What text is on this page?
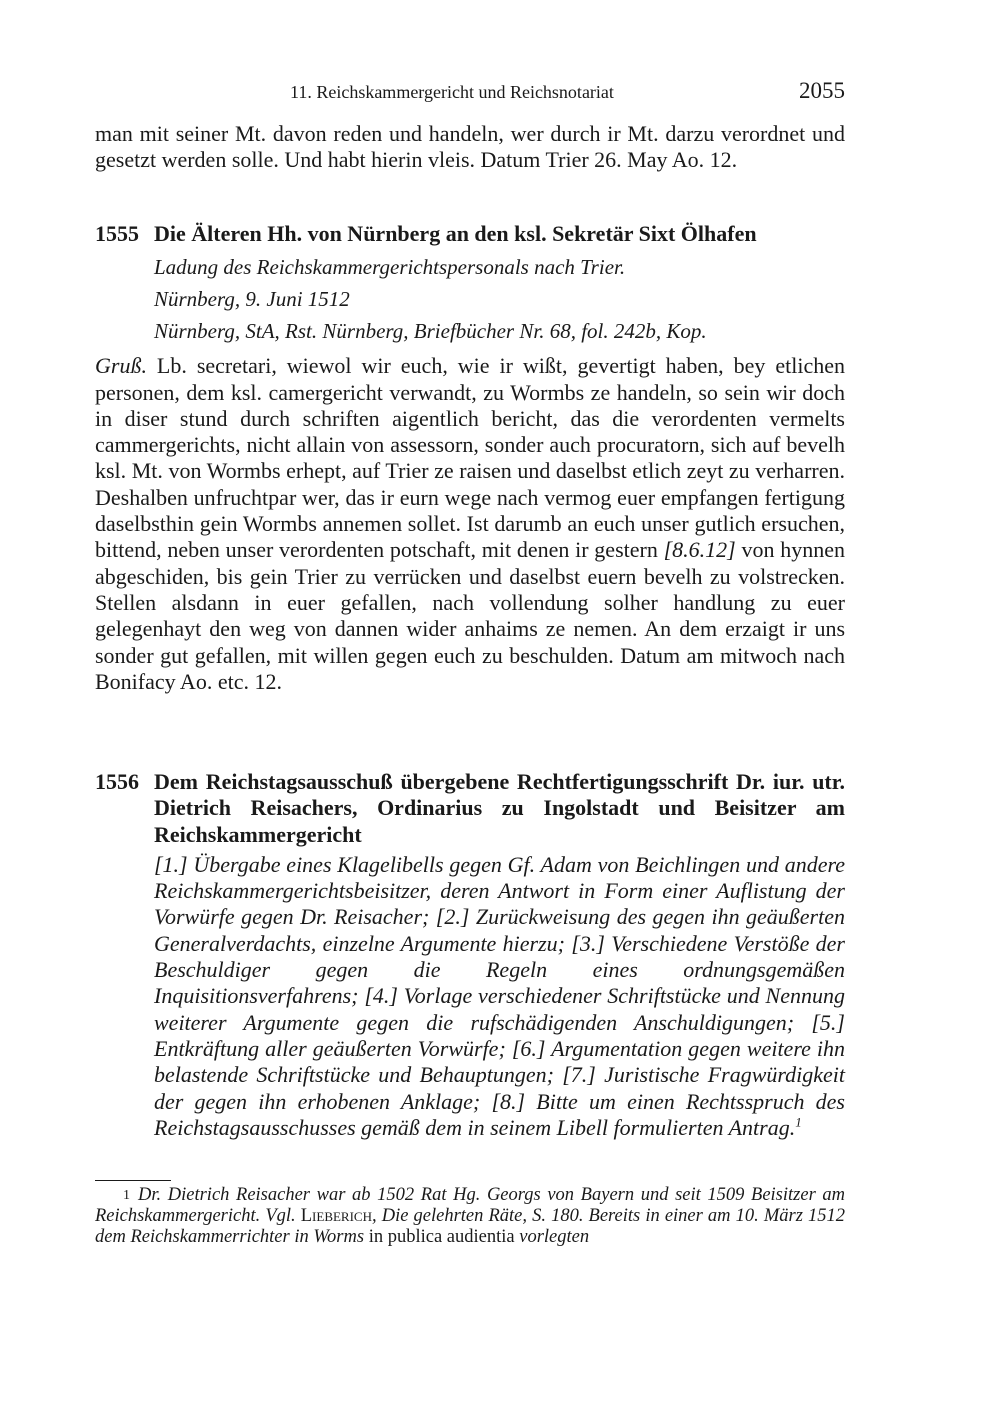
11. Reichskammergericht und Reichsnotariat	2055
man mit seiner Mt. davon reden und handeln, wer durch ir Mt. darzu verordnet und gesetzt werden solle. Und habt hierin vleis. Datum Trier 26. May Ao. 12.
1555 Die Älteren Hh. von Nürnberg an den ksl. Sekretär Sixt Ölhafen
Ladung des Reichskammergerichtspersonals nach Trier.
Nürnberg, 9. Juni 1512
Nürnberg, StA, Rst. Nürnberg, Briefbücher Nr. 68, fol. 242b, Kop.
Gruß. Lb. secretari, wiewol wir euch, wie ir wißt, gevertigt haben, bey etlichen personen, dem ksl. camergericht verwandt, zu Wormbs ze handeln, so sein wir doch in diser stund durch schriften aigentlich bericht, das die verordenten vermelts cammergerichts, nicht allain von assessorn, sonder auch procuratorn, sich auf bevelh ksl. Mt. von Wormbs erhept, auf Trier ze raisen und daselbst etlich zeyt zu verharren. Deshalben unfruchtpar wer, das ir eurn wege nach vermog euer empfangen fertigung daselbsthin gein Wormbs annemen sollet. Ist darumb an euch unser gutlich ersuchen, bittend, neben unser verordenten potschaft, mit denen ir gestern [8.6.12] von hynnen abgeschiden, bis gein Trier zu verrücken und daselbst euern bevelh zu volstrecken. Stellen alsdann in euer gefallen, nach vollendung solher handlung zu euer gelegenhayt den weg von dannen wider anhaims ze nemen. An dem erzaigt ir uns sonder gut gefallen, mit willen gegen euch zu beschulden. Datum am mitwoch nach Bonifacy Ao. etc. 12.
1556 Dem Reichstagsausschuß übergebene Rechtfertigungsschrift Dr. iur. utr. Dietrich Reisachers, Ordinarius zu Ingolstadt und Beisitzer am Reichskammergericht
[1.] Übergabe eines Klagelibells gegen Gf. Adam von Beichlingen und andere Reichskammergerichtsbeisitzer, deren Antwort in Form einer Auflistung der Vorwürfe gegen Dr. Reisacher; [2.] Zurückweisung des gegen ihn geäußerten Generalverdachts, einzelne Argumente hierzu; [3.] Verschiedene Verstöße der Beschuldiger gegen die Regeln eines ordnungsgemäßen Inquisitionsverfahrens; [4.] Vorlage verschiedener Schriftstücke und Nennung weiterer Argumente gegen die rufschädigenden Anschuldigungen; [5.] Entkräftung aller geäußerten Vorwürfe; [6.] Argumentation gegen weitere ihn belastende Schriftstücke und Behauptungen; [7.] Juristische Fragwürdigkeit der gegen ihn erhobenen Anklage; [8.] Bitte um einen Rechtsspruch des Reichstagsausschusses gemäß dem in seinem Libell formulierten Antrag.$^1$
$^1$ Dr. Dietrich Reisacher war ab 1502 Rat Hg. Georgs von Bayern und seit 1509 Beisitzer am Reichskammergericht. Vgl. Lieberich, Die gelehrten Räte, S. 180. Bereits in einer am 10. März 1512 dem Reichskammerrichter in Worms in publica audientia vorlegten
